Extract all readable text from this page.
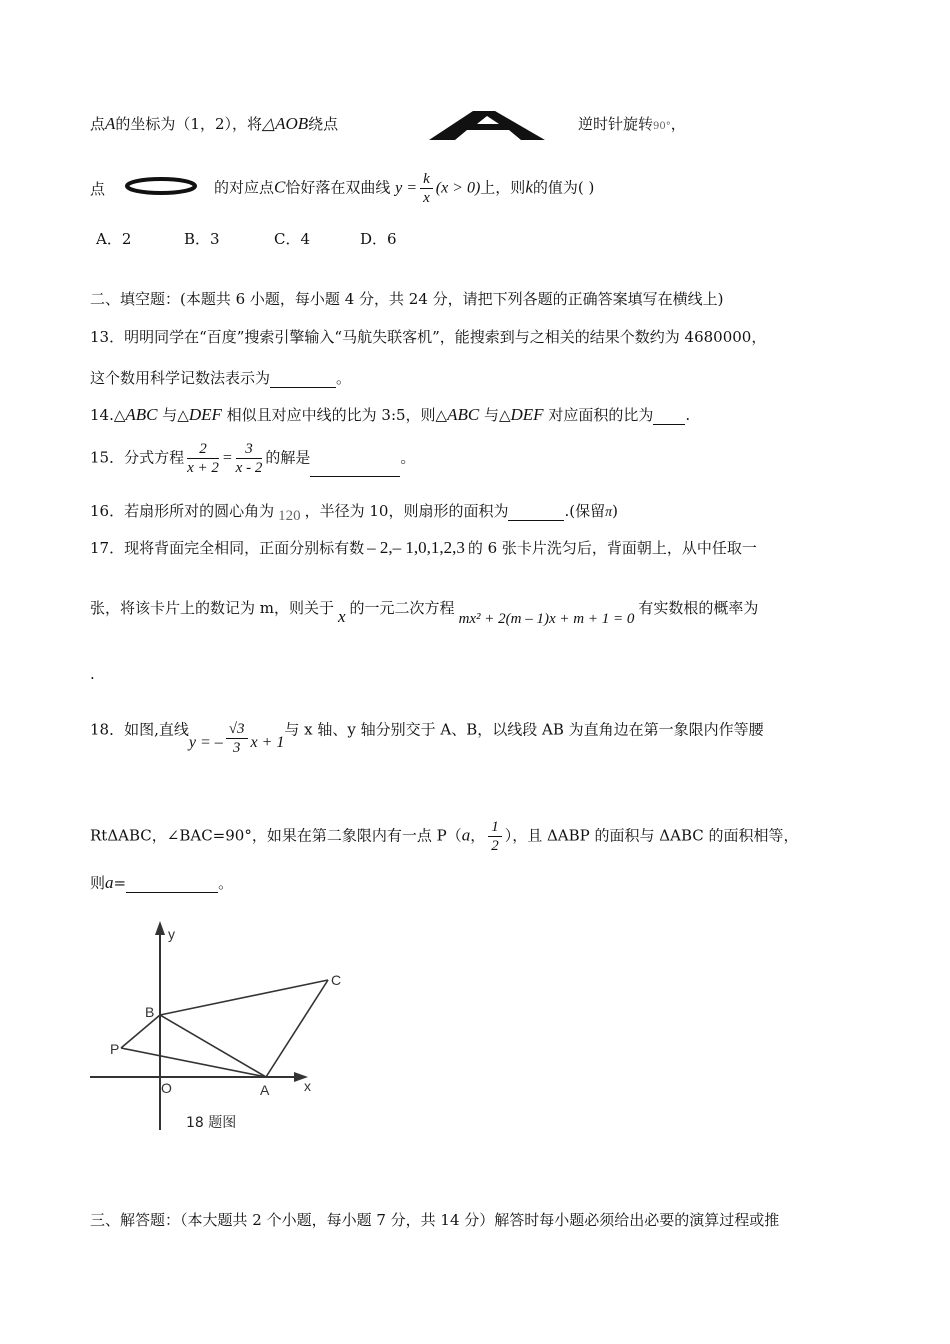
点A的坐标为（1，2），将△AOB绕点	逆时针旋转90°，
点	的对应点C恰好落在双曲线 $y = \frac{k}{x} (x > 0)$上，则k的值为( )
A．2	B．3	C．4	D．6
二、填空题：(本题共 6 小题，每小题 4 分，共 24 分，请把下列各题的正确答案填写在横线上)
13．明明同学在“百度”搜索引擎输入“马航失联客机”，能搜索到与之相关的结果个数约为 4680000，
这个数用科学记数法表示为	。
14.△ABC 与△DEF 相似且对应中线的比为 3:5，则△ABC 与△DEF 对应面积的比为 .
15．分式方程 $\frac{2}{x + 2} = \frac{3}{x - 2}$ 的解是	。
16．若扇形所对的圆心角为 120 ，半径为 10，则扇形的面积为	.(保留π)
17．现将背面完全相同，正面分别标有数 – 2,– 1,0,1,2,3 的 6 张卡片洗匀后，背面朝上，从中任取一
张，将该卡片上的数记为 m，则关于 x 的一元二次方程mx² + 2(m – 1)x + m + 1 = 0有实数根的概率为
.
18．如图,直线y = – $\frac{√3}{3}$ x + 1与 x 轴、y 轴分别交于 A、B，以线段 AB 为直角边在第一象限内作等腰
RtΔABC，∠BAC=90°，如果在第二象限内有一点 P（a， $\frac{1}{2}$ ），且 ΔABP 的面积与 ΔABC 的面积相等，
则a=	。
y
x
B
C
P
O	A
18 题图
三、解答题：（本大题共 2 个小题，每小题 7 分，共 14 分）解答时每小题必须给出必要的演算过程或推
